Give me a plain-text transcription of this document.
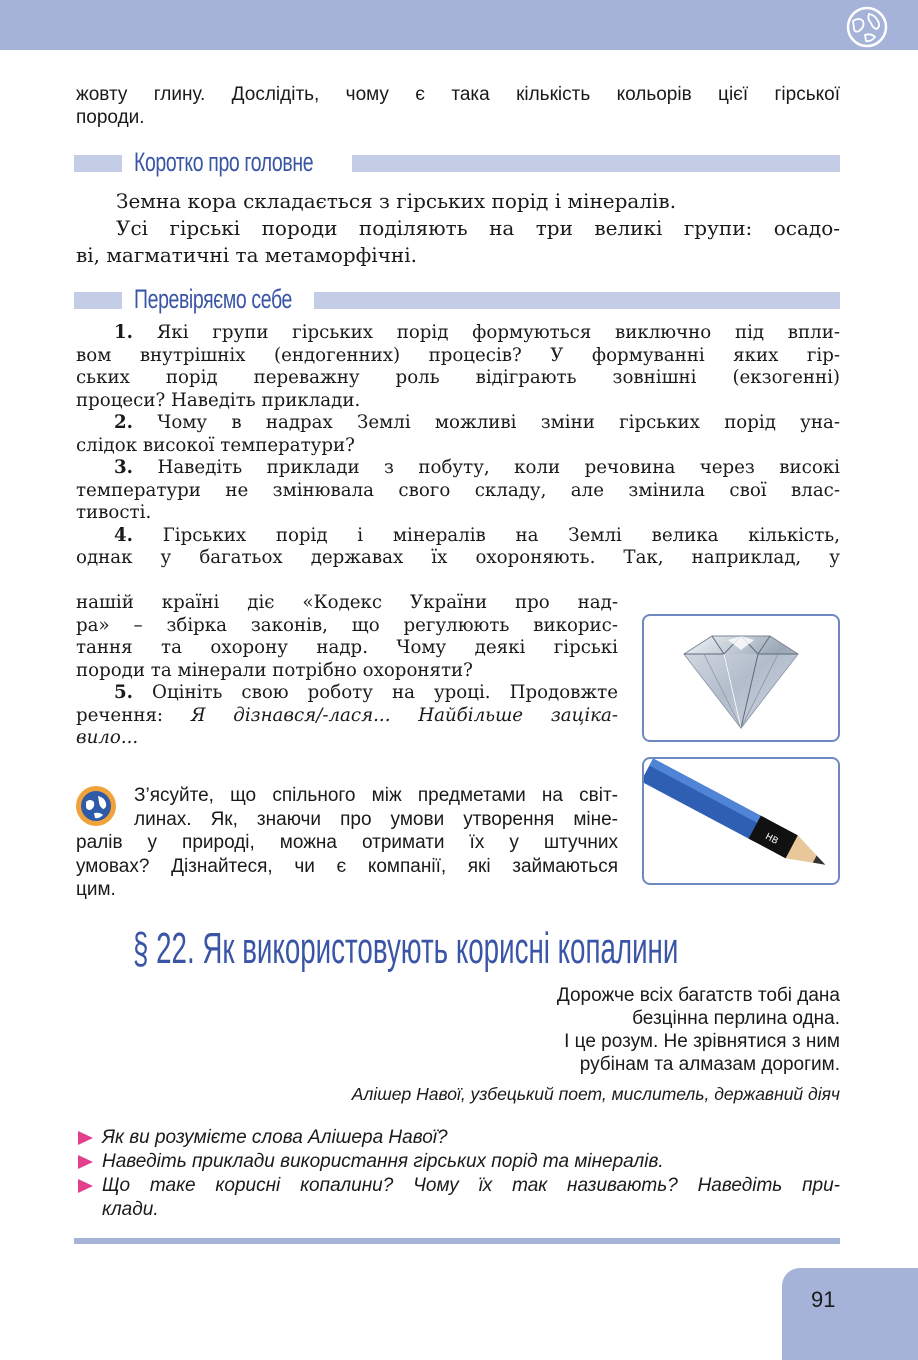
жовту глину. Дослідіть, чому є така кількість кольорів цієї гірської
породи.
Коротко про головне
Земна кора складається з гірських порід і мінералів.
Усі гірські породи поділяють на три великі групи: осадо-
ві, магматичні та метаморфічні.
Перевіряємо себе
1. Які групи гірських порід формуються виключно під впли-
вом внутрішніх (ендогенних) процесів? У формуванні яких гір-
ських порід переважну роль відіграють зовнішні (екзогенні)
процеси? Наведіть приклади.
2. Чому в надрах Землі можливі зміни гірських порід уна-
слідок високої температури?
3. Наведіть приклади з побуту, коли речовина через високі
температури не змінювала свого складу, але змінила свої влас-
тивості.
4. Гірських порід і мінералів на Землі велика кількість,
однак у багатьох державах їх охороняють. Так, наприклад, у
нашій країні діє «Кодекс України про над-
ра» – збірка законів, що регулюють викорис-
тання та охорону надр. Чому деякі гірські
породи та мінерали потрібно охороняти?
5. Оцініть свою роботу на уроці. Продовжте
речення: Я дізнався/-лася... Найбільше заціка-
вило...
HB
З’ясуйте, що спільного між предметами на світ-
линах. Як, знаючи про умови утворення міне-
ралів у природі, можна отримати їх у штучних
умовах? Дізнайтеся, чи є компанії, які займаються
цим.
§ 22. Як використовують корисні копалини
Дорожче всіх багатств тобі дана
безцінна перлина одна.
І це розум. Не зрівнятися з ним
рубінам та алмазам дорогим.
Алішер Навої, узбецький поет, мислитель, державний діяч
Як ви розумієте слова Алішера Навої?
Наведіть приклади використання гірських порід та мінералів.
Що таке корисні копалини? Чому їх так називають? Наведіть при-
клади.
91
